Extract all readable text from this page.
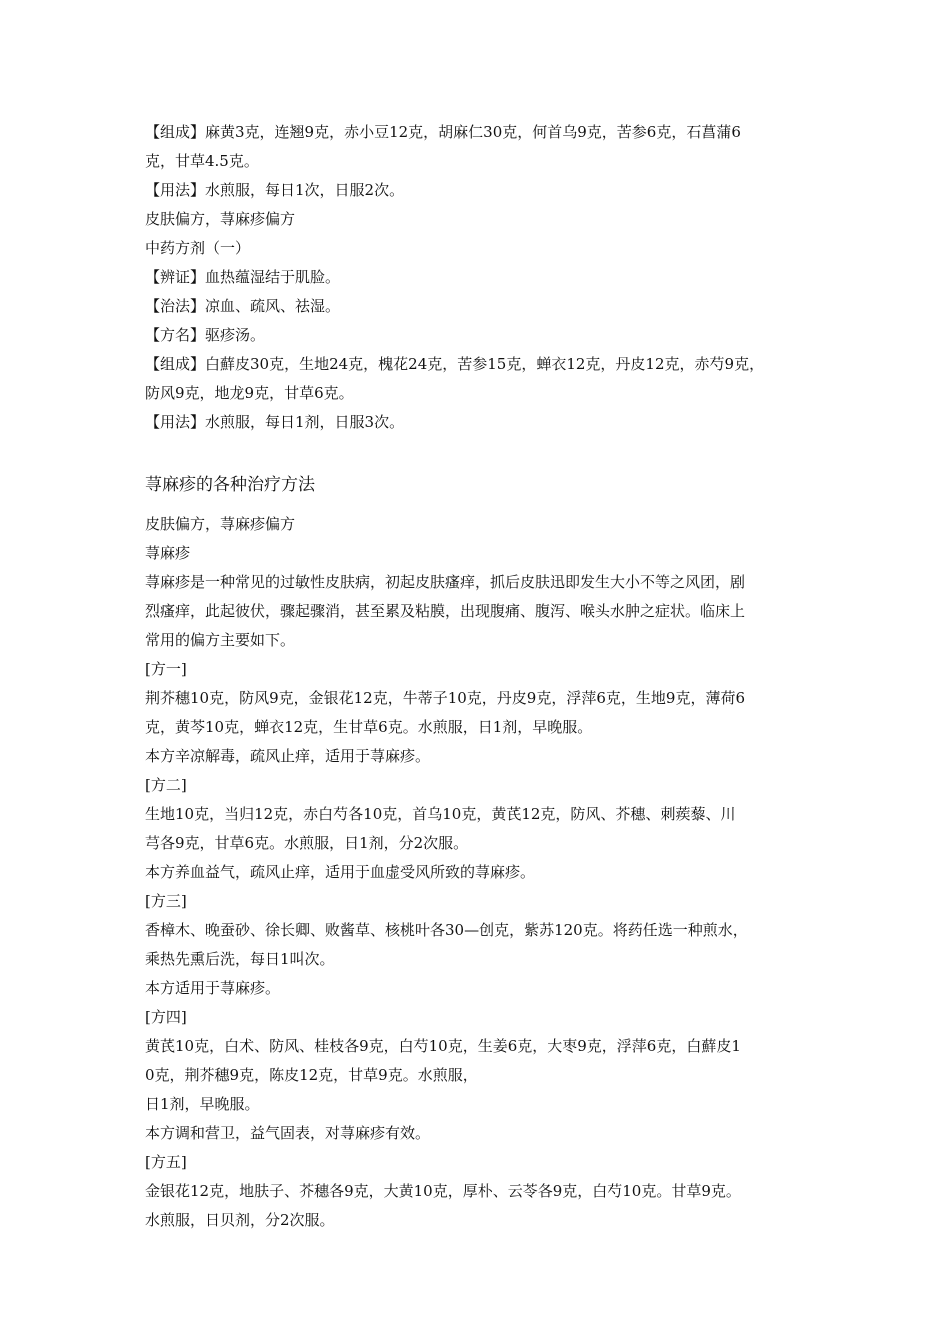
【组成】麻黄3克，连翘9克，赤小豆12克，胡麻仁30克，何首乌9克，苦参6克，石菖蒲6
克，甘草4.5克。
【用法】水煎服，每日1次，日服2次。
皮肤偏方，荨麻疹偏方
中药方剂（一）
【辨证】血热蕴湿结于肌脸。
【治法】凉血、疏风、祛湿。
【方名】驱疹汤。
【组成】白蘚皮30克，生地24克，槐花24克，苦参15克，蝉衣12克，丹皮12克，赤芍9克，
防风9克，地龙9克，甘草6克。
【用法】水煎服，每日1剂，日服3次。
荨麻疹的各种治疗方法
皮肤偏方，荨麻疹偏方
荨麻疹
荨麻疹是一种常见的过敏性皮肤病，初起皮肤瘙痒，抓后皮肤迅即发生大小不等之风团，剧
烈瘙痒，此起彼伏，骤起骤消，甚至累及粘膜，出现腹痛、腹泻、喉头水肿之症状。临床上
常用的偏方主要如下。
[方一]
荆芥穗10克，防风9克，金银花12克，牛蒂子10克，丹皮9克，浮萍6克，生地9克，薄荷6
克，黄芩10克，蝉衣12克，生甘草6克。水煎服，日1剂，早晚服。
本方辛凉解毒，疏风止痒，适用于荨麻疹。
[方二]
生地10克，当归12克，赤白芍各10克，首乌10克，黄芪12克，防风、芥穗、刺蒺藜、川
芎各9克，甘草6克。水煎服，日1剂，分2次服。
本方养血益气，疏风止痒，适用于血虚受风所致的荨麻疹。
[方三]
香樟木、晚蚕砂、徐长卿、败酱草、核桃叶各30—创克，紫苏120克。将药任选一种煎水，
乘热先熏后洗，每日1叫次。
本方适用于荨麻疹。
[方四]
黄芪10克，白术、防风、桂枝各9克，白芍10克，生姜6克，大枣9克，浮萍6克，白蘚皮1
0克，荆芥穗9克，陈皮12克，甘草9克。水煎服，
日1剂，早晚服。
本方调和营卫，益气固表，对荨麻疹有效。
[方五]
金银花12克，地肤子、芥穗各9克，大黄10克，厚朴、云苓各9克，白芍10克。甘草9克。
水煎服，日贝剂，分2次服。
